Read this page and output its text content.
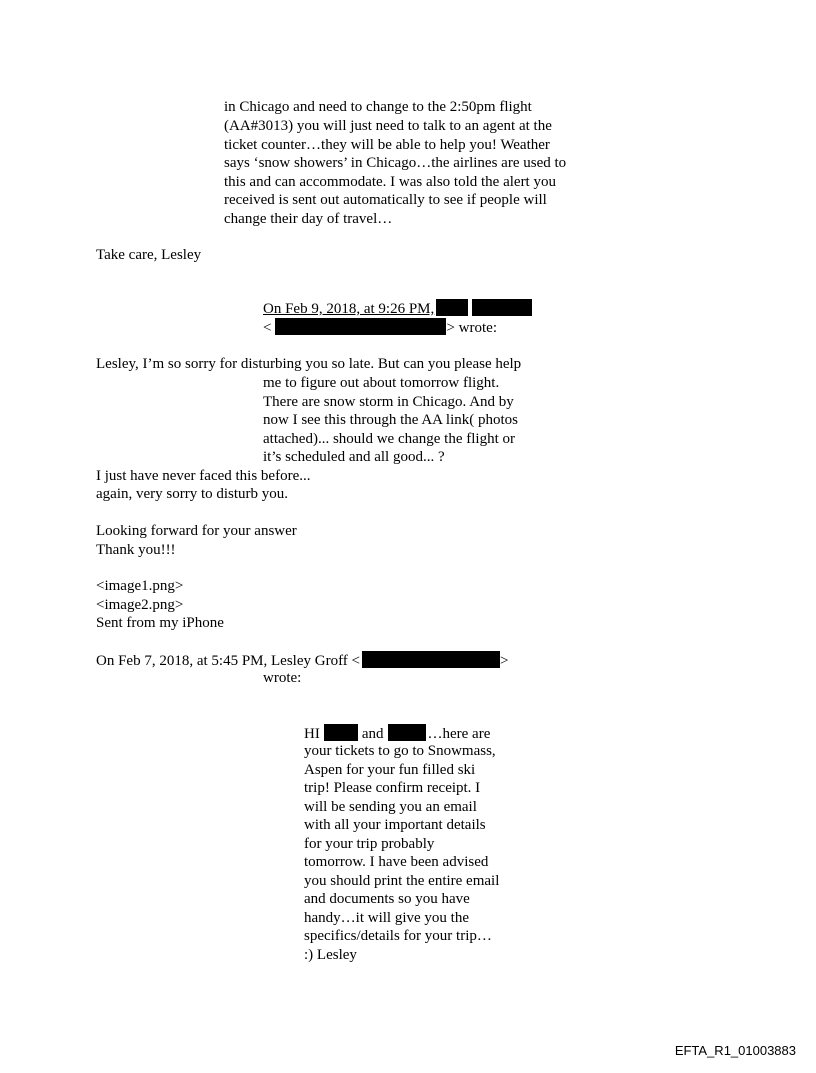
in Chicago and need to change to the 2:50pm flight
(AA#3013) you will just need to talk to an agent at the
ticket counter…they will be able to help you! Weather
says ‘snow showers’ in Chicago…the airlines are used to
this and can accommodate. I was also told the alert you
received is sent out automatically to see if people will
change their day of travel…
Take care, Lesley
On Feb 9, 2018, at 9:26 PM,
<	> wrote:
Lesley, I’m so sorry for disturbing you so late. But can you please help
me to figure out about tomorrow flight.
There are snow storm in Chicago. And by
now I see this through the AA link( photos
attached)... should we change the flight or
it’s scheduled and all good... ?
I just have never faced this before...
again, very sorry to disturb you.
Looking forward for your answer
Thank you!!!
<image1.png>
<image2.png>
Sent from my iPhone
On Feb 7, 2018, at 5:45 PM, Lesley Groff <	>
wrote:
HI	and	…here are
your tickets to go to Snowmass,
Aspen for your fun filled ski
trip! Please confirm receipt. I
will be sending you an email
with all your important details
for your trip probably
tomorrow. I have been advised
you should print the entire email
and documents so you have
handy…it will give you the
specifics/details for your trip…
:) Lesley
EFTA_R1_01003883
